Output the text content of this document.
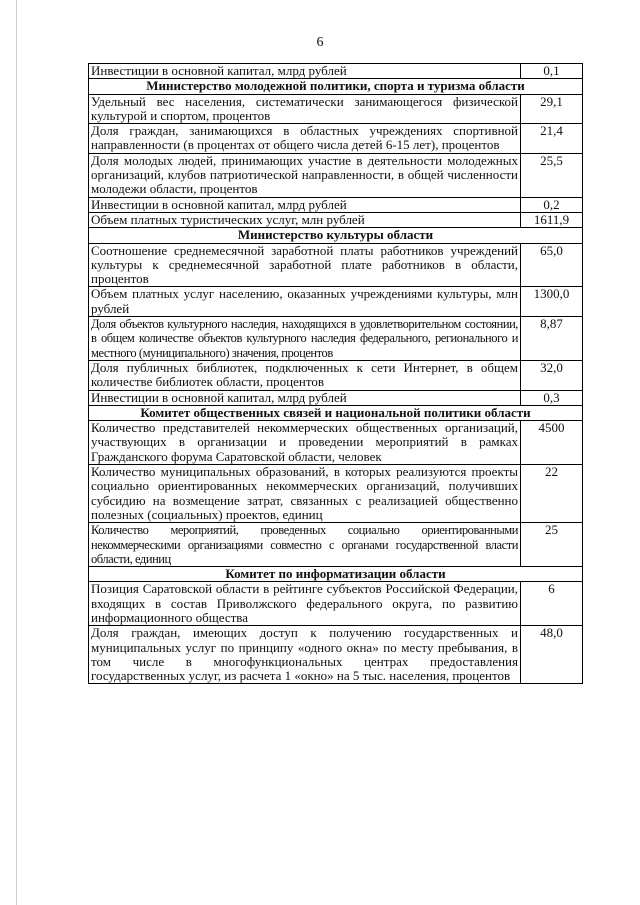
6
Инвестиции в основной капитал, млрд рублей	0,1
Министерство молодежной политики, спорта и туризма области	
Удельный вес населения, систематически занимающегося физической культурой и спортом, процентов	29,1
Доля граждан, занимающихся в областных учреждениях спортивной направленности (в процентах от общего числа детей 6-15 лет), процентов	21,4
Доля молодых людей, принимающих участие в деятельности молодежных организаций, клубов патриотической направленности, в общей численности молодежи области, процентов	25,5
Инвестиции в основной капитал, млрд рублей	0,2
Объем платных туристических услуг, млн рублей	1611,9
Министерство культуры области	
Соотношение среднемесячной заработной платы работников учреждений культуры к среднемесячной заработной плате работников в области, процентов	65,0
Объем платных услуг населению, оказанных учреждениями культуры, млн рублей	1300,0
Доля объектов культурного наследия, находящихся в удовлетворительном состоянии, в общем количестве объектов культурного наследия федерального, регионального и местного (муниципального) значения, процентов	8,87
Доля публичных библиотек, подключенных к сети Интернет, в общем количестве библиотек области, процентов	32,0
Инвестиции в основной капитал, млрд рублей	0,3
Комитет общественных связей и национальной политики области	
Количество представителей некоммерческих общественных организаций, участвующих в организации и проведении мероприятий в рамках Гражданского форума Саратовской области, человек	4500
Количество муниципальных образований, в которых реализуются проекты социально ориентированных некоммерческих организаций, получивших субсидию на возмещение затрат, связанных с реализацией общественно полезных (социальных) проектов, единиц	22
Количество мероприятий, проведенных социально ориентированными некоммерческими организациями совместно с органами государственной власти области, единиц	25
Комитет по информатизации области	
Позиция Саратовской области в рейтинге субъектов Российской Федерации, входящих в состав Приволжского федерального округа, по развитию информационного общества	6
Доля граждан, имеющих доступ к получению государственных и муниципальных услуг по принципу «одного окна» по месту пребывания, в том числе в многофункциональных центрах предоставления государственных услуг, из расчета 1 «окно» на 5 тыс. населения, процентов	48,0
